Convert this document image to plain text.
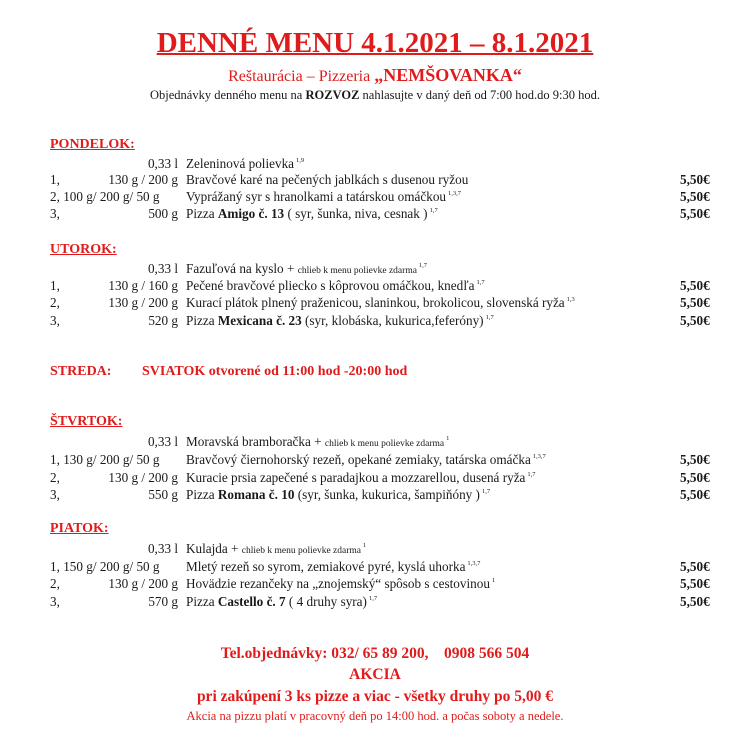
DENNÉ MENU 4.1.2021 – 8.1.2021
Reštaurácia – Pizzeria „NEMŠOVANKA“
Objednávky denného menu na ROZVOZ nahlasujte v daný deň od 7:00 hod.do 9:30 hod.
PONDELOK:
0,33 l Zeleninová polievka $^{1,9}$
1,	130 g / 200 g Bravčové karé na pečených jablkách s dusenou ryžou	5,50€
2, 100 g/ 200 g/ 50 g Vyprážaný syr s hranolkami a tatárskou omáčkou $^{1,3,7}$	5,50€
3,	500 g Pizza Amigo č. 13 ( syr, šunka, niva, cesnak ) $^{1,7}$	5,50€
UTOROK:
0,33 l Fazuľová na kyslo + chlieb k menu polievke zdarma$^{1,7}$
1,	130 g / 160 g Pečené bravčové pliecko s kôprovou omáčkou, knedľa $^{1,7}$	5,50€
2,	130 g / 200 g Kurací plátok plnený praženicou, slaninkou, brokolicou, slovenská ryža $^{1,3}$	5,50€
3,	520 g Pizza Mexicana č. 23 (syr, klobáska, kukurica,feferóny) $^{1,7}$	5,50€
STREDA: SVIATOK otvorené od 11:00 hod -20:00 hod
ŠTVRTOK:
0,33 l Moravská bramboračka + chlieb k menu polievke zdarma$^1$
1, 130 g/ 200 g/ 50 g Bravčový čiernohorský rezeň, opekané zemiaky, tatárska omáčka $^{1,3,7}$	5,50€
2,	130 g / 200 g Kuracie prsia zapečené s paradajkou a mozzarellou, dusená ryža $^{1,7}$	5,50€
3,	550 g Pizza Romana č. 10 (syr, šunka, kukurica, šampiňóny ) $^{1,7}$	5,50€
PIATOK:
0,33 l Kulajda + chlieb k menu polievke zdarma$^1$
1, 150 g/ 200 g/ 50 g Mletý rezeň so syrom, zemiakové pyré, kyslá uhorka $^{1,3,7}$	5,50€
2,	130 g / 200 g Hovädzie rezančeky na „znojemský“ spôsob s cestovinou $^1$	5,50€
3,	570 g Pizza Castello č. 7 ( 4 druhy syra) $^{1,7}$	5,50€
Tel.objednávky: 032/ 65 89 200,    0908 566 504
AKCIA
pri zakúpení 3 ks pizze a viac - všetky druhy po 5,00 €
Akcia na pizzu platí v pracovný deň po 14:00 hod. a počas soboty a nedele.
